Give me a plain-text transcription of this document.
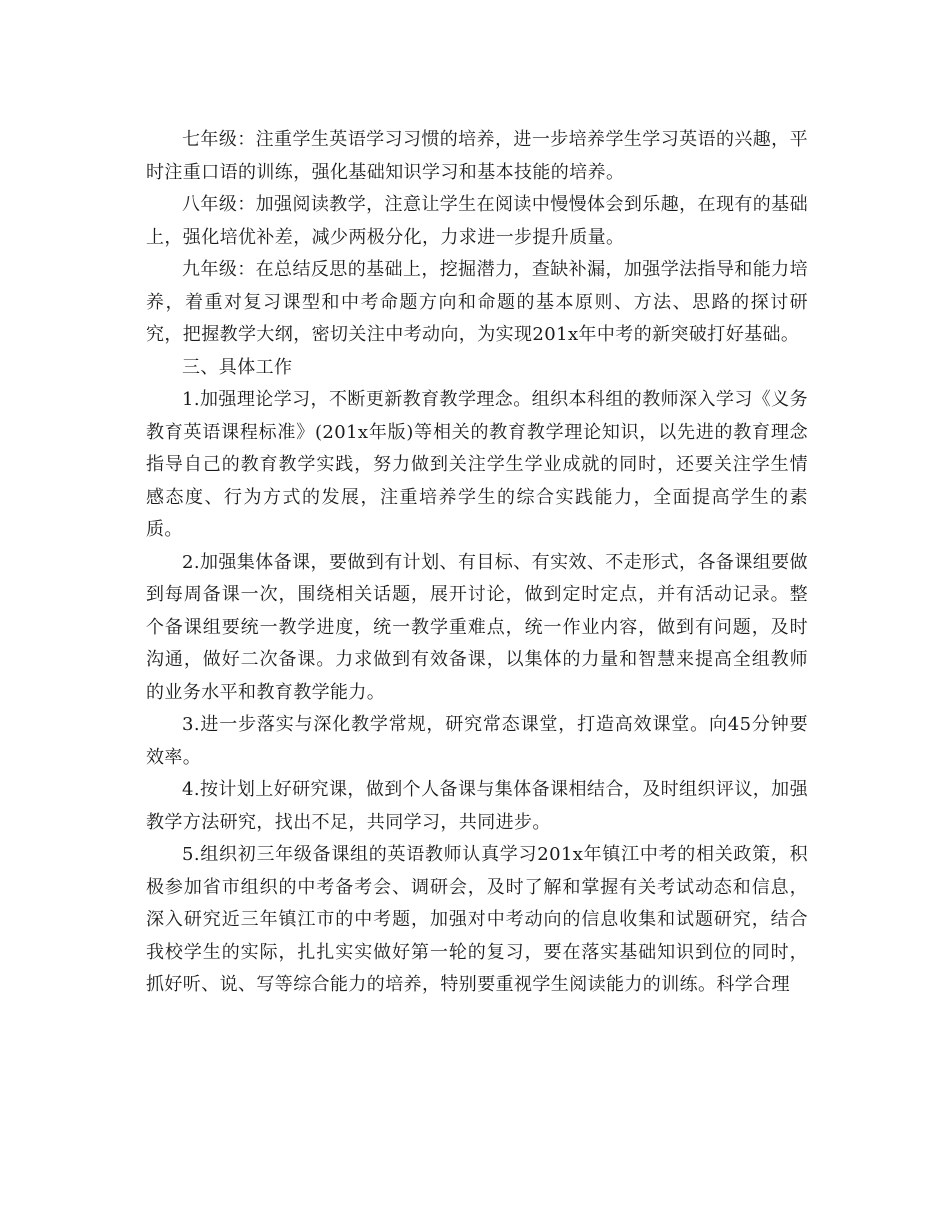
七年级：注重学生英语学习习惯的培养，进一步培养学生学习英语的兴趣，平时注重口语的训练，强化基础知识学习和基本技能的培养。

八年级：加强阅读教学，注意让学生在阅读中慢慢体会到乐趣，在现有的基础上，强化培优补差，减少两极分化，力求进一步提升质量。

九年级：在总结反思的基础上，挖掘潜力，查缺补漏，加强学法指导和能力培养，着重对复习课型和中考命题方向和命题的基本原则、方法、思路的探讨研究，把握教学大纲，密切关注中考动向，为实现201x年中考的新突破打好基础。

三、具体工作

1.加强理论学习，不断更新教育教学理念。组织本科组的教师深入学习《义务教育英语课程标准》(201x年版)等相关的教育教学理论知识，以先进的教育理念指导自己的教育教学实践，努力做到关注学生学业成就的同时，还要关注学生情感态度、行为方式的发展，注重培养学生的综合实践能力，全面提高学生的素质。

2.加强集体备课，要做到有计划、有目标、有实效、不走形式，各备课组要做到每周备课一次，围绕相关话题，展开讨论，做到定时定点，并有活动记录。整个备课组要统一教学进度，统一教学重难点，统一作业内容，做到有问题，及时沟通，做好二次备课。力求做到有效备课，以集体的力量和智慧来提高全组教师的业务水平和教育教学能力。

3.进一步落实与深化教学常规，研究常态课堂，打造高效课堂。向45分钟要效率。

4.按计划上好研究课，做到个人备课与集体备课相结合，及时组织评议，加强教学方法研究，找出不足，共同学习，共同进步。

5.组织初三年级备课组的英语教师认真学习201x年镇江中考的相关政策，积极参加省市组织的中考备考会、调研会，及时了解和掌握有关考试动态和信息，深入研究近三年镇江市的中考题，加强对中考动向的信息收集和试题研究，结合我校学生的实际，扎扎实实做好第一轮的复习，要在落实基础知识到位的同时，抓好听、说、写等综合能力的培养，特别要重视学生阅读能力的训练。科学合理
